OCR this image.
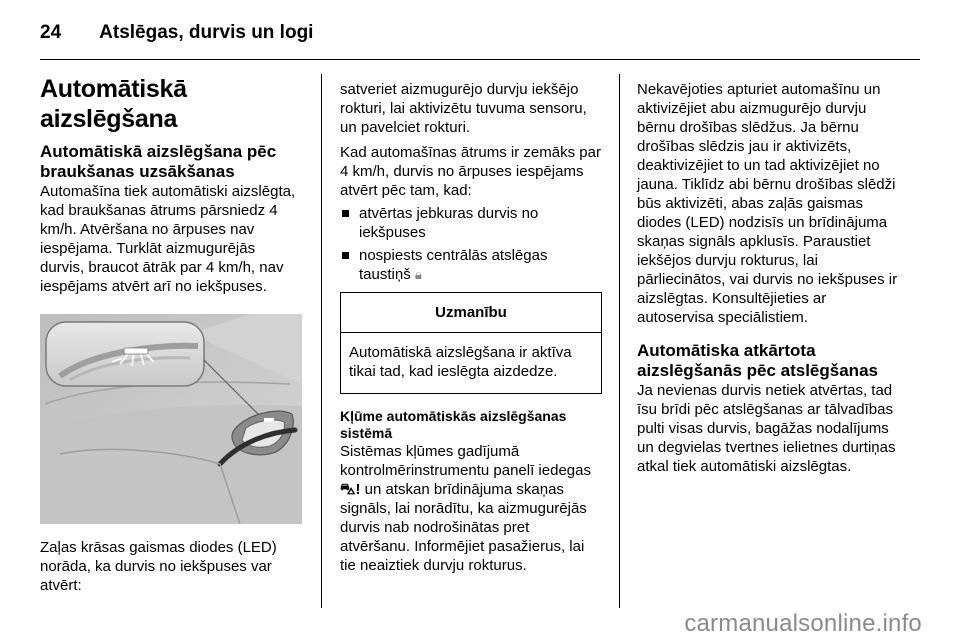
24 Atslēgas, durvis un logi
Automātiskā aizslēgšana
Automātiskā aizslēgšana pēc braukšanas uzsākšanas

Automašīna tiek automātiski aizslēgta, kad braukšanas ātrums pārsniedz 4 km/h. Atvēršana no ārpuses nav iespējama. Turklāt aizmugurējās durvis, braucot ātrāk par 4 km/h, nav iespējams atvērt arī no iekšpuses.

Zaļas krāsas gaismas diodes (LED) norāda, ka durvis no iekšpuses var atvērt:

satveriet aizmugurējo durvju iekšējo rokturi, lai aktivizētu tuvuma sensoru, un pavelciet rokturi.

Kad automašīnas ātrums ir zemāks par 4 km/h, durvis no ārpuses iespējams atvērt pēc tam, kad:

atvērtas jebkuras durvis no iekšpuses
nospiests centrālās atslēgas taustiņš 🔒︎
Uzmanību
Automātiskā aizslēgšana ir aktīva tikai tad, kad ieslēgta aizdedze.
Kļūme automātiskās aizslēgšanas sistēmā

Sistēmas kļūmes gadījumā kontrolmērinstrumentu panelī iedegas ⛍! un atskan brīdinājuma skaņas signāls, lai norādītu, ka aizmugurējās durvis nab nodrošinātas pret atvēršanu. Informējiet pasažierus, lai tie neaiztiek durvju rokturus.

Nekavējoties apturiet automašīnu un aktivizējiet abu aizmugurējo durvju bērnu drošības slēdžus. Ja bērnu drošības slēdzis jau ir aktivizēts, deaktivizējiet to un tad aktivizējiet no jauna. Tiklīdz abi bērnu drošības slēdži būs aktivizēti, abas zaļās gaismas diodes (LED) nodzisīs un brīdinājuma skaņas signāls apklusīs. Paraustiet iekšējos durvju rokturus, lai pārliecinātos, vai durvis no iekšpuses ir aizslēgtas. Konsultējieties ar autoservisa speciālistiem.

Automātiska atkārtota aizslēgšanās pēc atslēgšanas

Ja nevienas durvis netiek atvērtas, tad īsu brīdi pēc atslēgšanas ar tālvadības pulti visas durvis, bagāžas nodalījums un degvielas tvertnes ielietnes durtiņas atkal tiek automātiski aizslēgtas.

carmanualsonline.info
